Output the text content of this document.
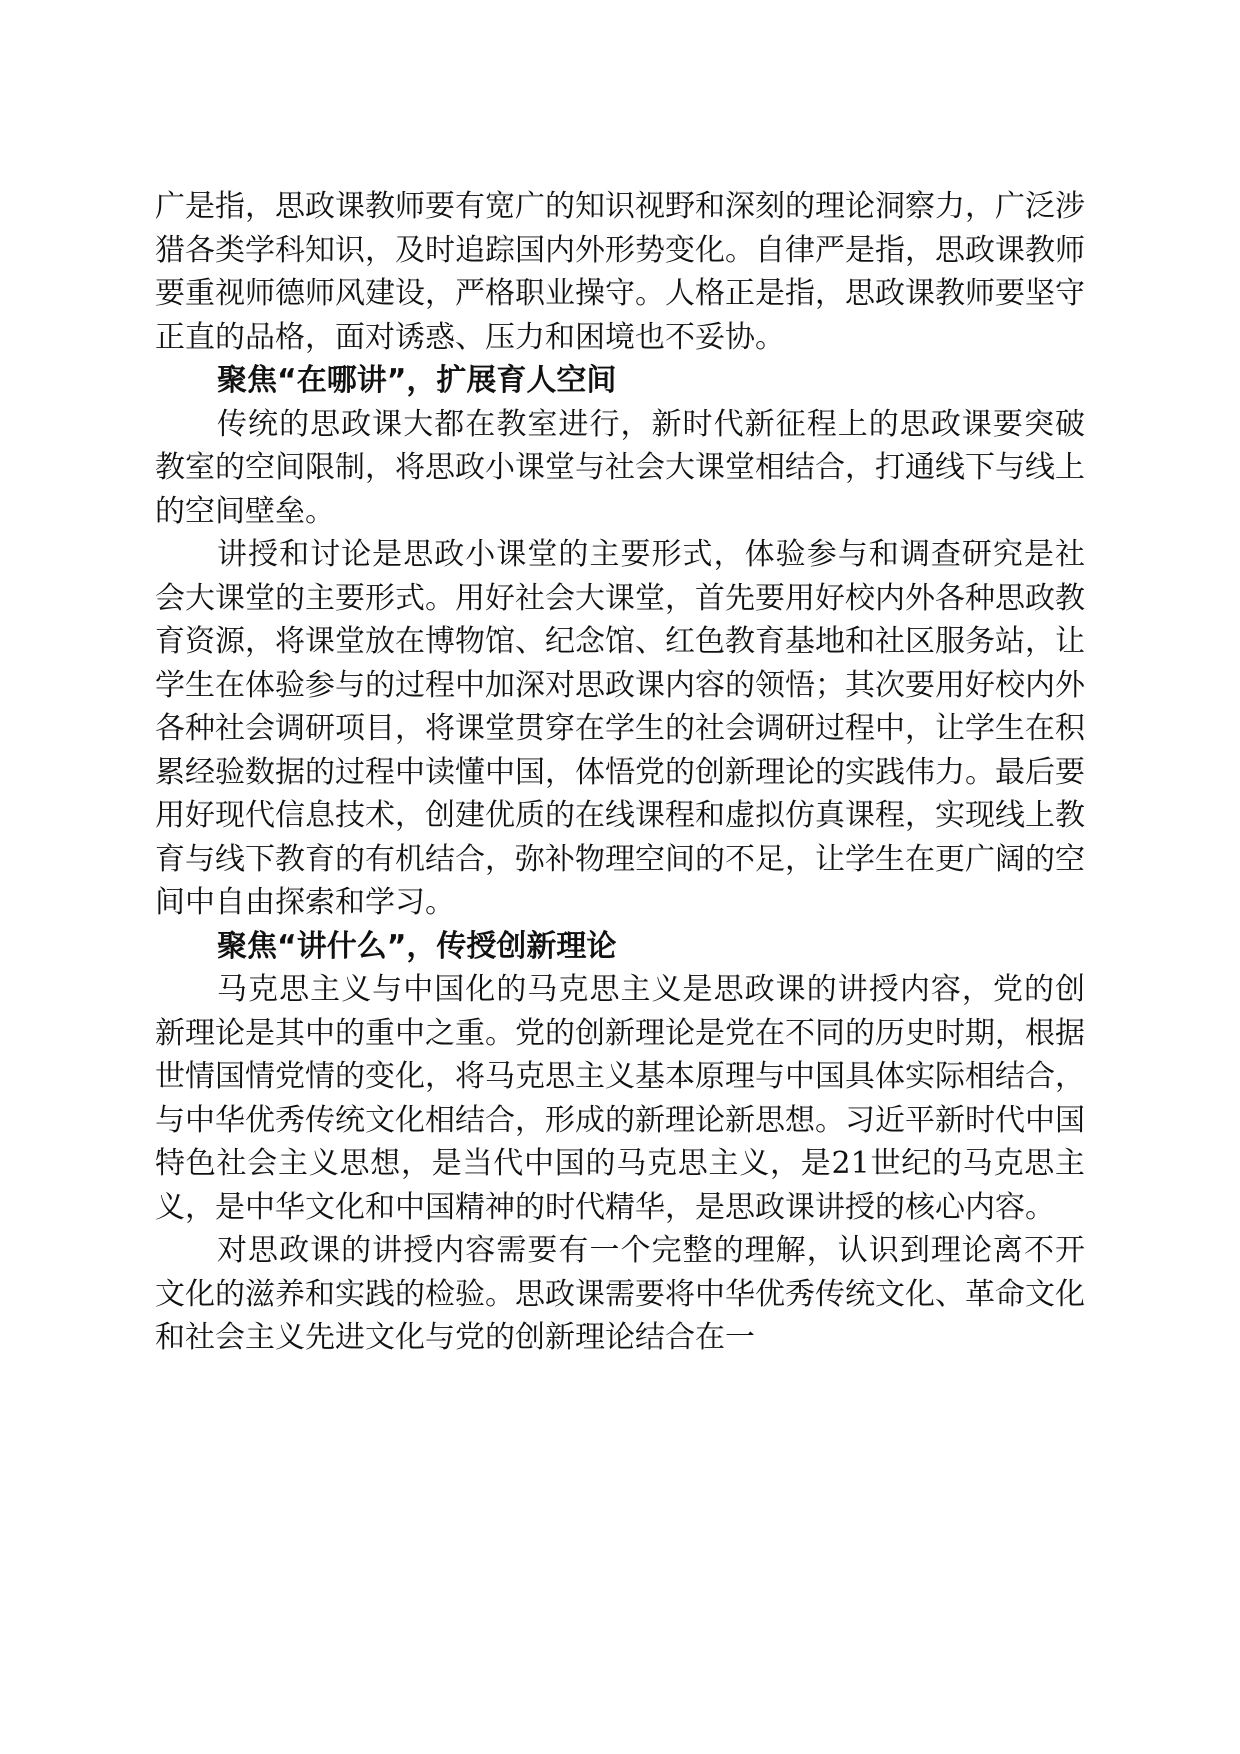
广是指，思政课教师要有宽广的知识视野和深刻的理论洞察力，广泛涉猎各类学科知识，及时追踪国内外形势变化。自律严是指，思政课教师要重视师德师风建设，严格职业操守。人格正是指，思政课教师要坚守正直的品格，面对诱惑、压力和困境也不妥协。

聚焦“在哪讲”，扩展育人空间

传统的思政课大都在教室进行，新时代新征程上的思政课要突破教室的空间限制，将思政小课堂与社会大课堂相结合，打通线下与线上的空间壁垒。

讲授和讨论是思政小课堂的主要形式，体验参与和调查研究是社会大课堂的主要形式。用好社会大课堂，首先要用好校内外各种思政教育资源，将课堂放在博物馆、纪念馆、红色教育基地和社区服务站，让学生在体验参与的过程中加深对思政课内容的领悟；其次要用好校内外各种社会调研项目，将课堂贯穿在学生的社会调研过程中，让学生在积累经验数据的过程中读懂中国，体悟党的创新理论的实践伟力。最后要用好现代信息技术，创建优质的在线课程和虚拟仿真课程，实现线上教育与线下教育的有机结合，弥补物理空间的不足，让学生在更广阔的空间中自由探索和学习。

聚焦“讲什么”，传授创新理论

马克思主义与中国化的马克思主义是思政课的讲授内容，党的创新理论是其中的重中之重。党的创新理论是党在不同的历史时期，根据世情国情党情的变化，将马克思主义基本原理与中国具体实际相结合，与中华优秀传统文化相结合，形成的新理论新思想。习近平新时代中国特色社会主义思想，是当代中国的马克思主义，是21世纪的马克思主义，是中华文化和中国精神的时代精华，是思政课讲授的核心内容。

对思政课的讲授内容需要有一个完整的理解，认识到理论离不开文化的滋养和实践的检验。思政课需要将中华优秀传统文化、革命文化和社会主义先进文化与党的创新理论结合在一
